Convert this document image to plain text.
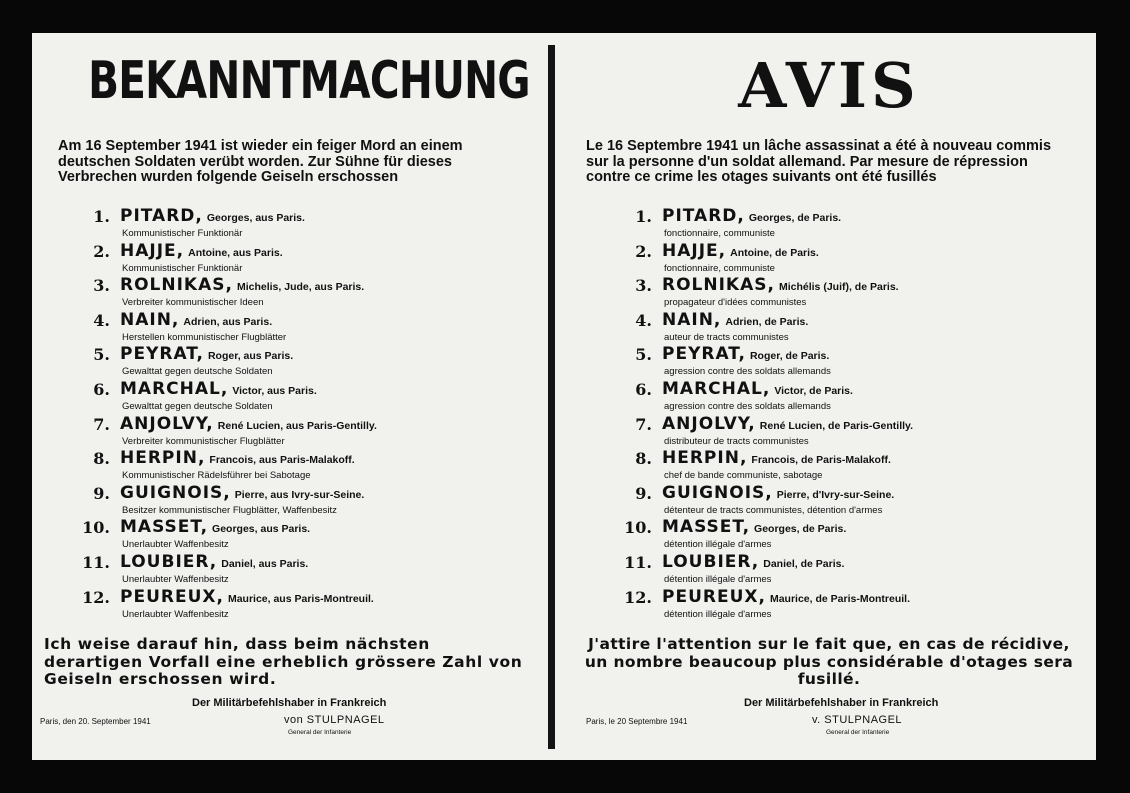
BEKANNTMACHUNG

Am 16 September 1941 ist wieder ein feiger Mord an einem deutschen Soldaten verübt worden. Zur Sühne für dieses Verbrechen wurden folgende Geiseln erschossen

1. PITARD, Georges, aus Paris.
Kommunistischer Funktionär
2. HAJJE, Antoine, aus Paris.
Kommunistischer Funktionär
3. ROLNIKAS, Michelis, Jude, aus Paris.
Verbreiter kommunistischer Ideen
4. NAIN, Adrien, aus Paris.
Herstellen kommunistischer Flugblätter
5. PEYRAT, Roger, aus Paris.
Gewalttat gegen deutsche Soldaten
6. MARCHAL, Victor, aus Paris.
Gewalttat gegen deutsche Soldaten
7. ANJOLVY, René Lucien, aus Paris-Gentilly.
Verbreiter kommunistischer Flugblätter
8. HERPIN, Francois, aus Paris-Malakoff.
Kommunistischer Rädelsführer bei Sabotage
9. GUIGNOIS, Pierre, aus Ivry-sur-Seine.
Besitzer kommunistischer Flugblätter, Waffenbesitz
10. MASSET, Georges, aus Paris.
Unerlaubter Waffenbesitz
11. LOUBIER, Daniel, aus Paris.
Unerlaubter Waffenbesitz
12. PEUREUX, Maurice, aus Paris-Montreuil.
Unerlaubter Waffenbesitz

Ich weise darauf hin, dass beim nächsten derartigen Vorfall eine erheblich grössere Zahl von Geiseln erschossen wird.

Der Militärbefehlshaber in Frankreich
Paris, den 20. September 1941	von STULPNAGEL
General der Infanterie
AVIS

Le 16 Septembre 1941 un lâche assassinat a été à nouveau commis sur la personne d'un soldat allemand. Par mesure de répression contre ce crime les otages suivants ont été fusillés

1. PITARD, Georges, de Paris.
fonctionnaire, communiste
2. HAJJE, Antoine, de Paris.
fonctionnaire, communiste
3. ROLNIKAS, Michélis (Juif), de Paris.
propagateur d'idées communistes
4. NAIN, Adrien, de Paris.
auteur de tracts communistes
5. PEYRAT, Roger, de Paris.
agression contre des soldats allemands
6. MARCHAL, Victor, de Paris.
agression contre des soldats allemands
7. ANJOLVY, René Lucien, de Paris-Gentilly.
distributeur de tracts communistes
8. HERPIN, Francois, de Paris-Malakoff.
chef de bande communiste, sabotage
9. GUIGNOIS, Pierre, d'Ivry-sur-Seine.
détenteur de tracts communistes, détention d'armes
10. MASSET, Georges, de Paris.
détention illégale d'armes
11. LOUBIER, Daniel, de Paris.
détention illégale d'armes
12. PEUREUX, Maurice, de Paris-Montreuil.
détention illégale d'armes

J'attire l'attention sur le fait que, en cas de récidive, un nombre beaucoup plus considérable d'otages sera fusillé.

Der Militärbefehlshaber in Frankreich
Paris, le 20 Septembre 1941	v. STULPNAGEL
General der Infanterie
